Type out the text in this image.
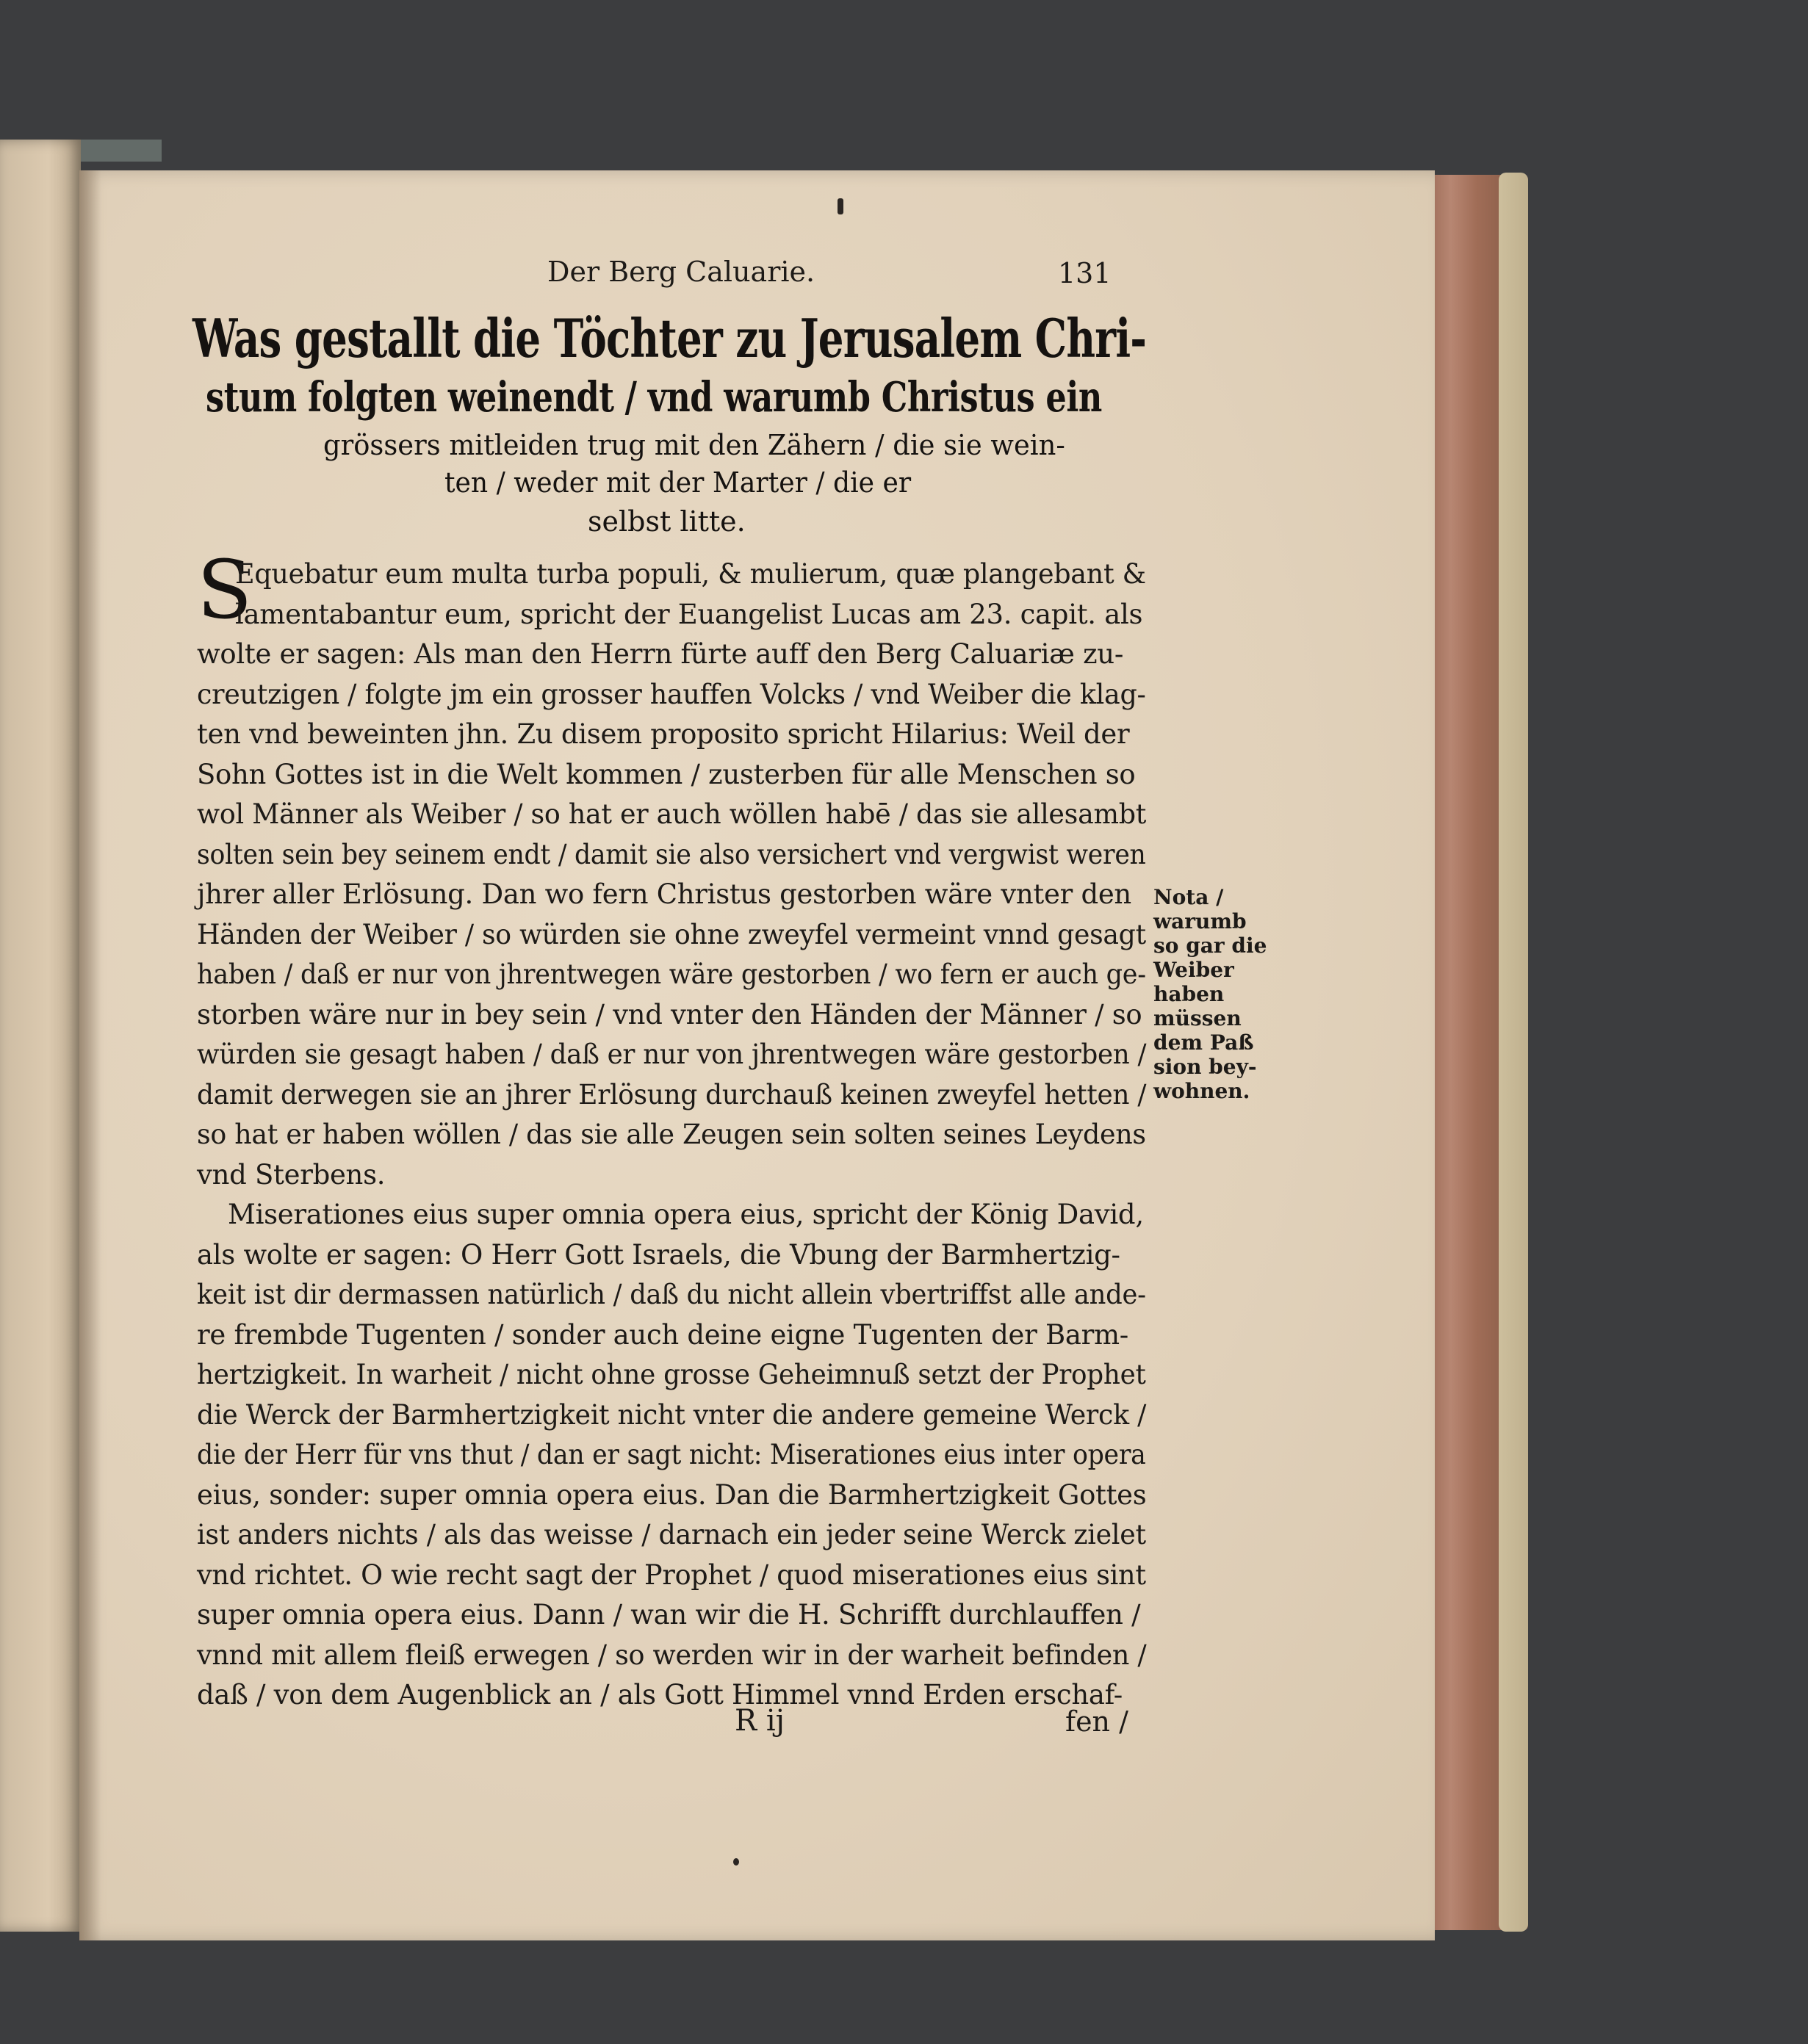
Der Berg Caluarie.	131
Was gestallt die Töchter zu Jerusalem Chri-
stum folgten weinendt / vnd warumb Christus ein
grössers mitleiden trug mit den Zähern / die sie wein-
ten / weder mit der Marter / die er
selbst litte.
S
Equebatur eum multa turba populi, & mulierum, quæ plangebant &
lamentabantur eum, spricht der Euangelist Lucas am 23. capit. als
wolte er sagen: Als man den Herrn fürte auff den Berg Caluariæ zu-
creutzigen / folgte jm ein grosser hauffen Volcks / vnd Weiber die klag-
ten vnd beweinten jhn. Zu disem proposito spricht Hilarius: Weil der
Sohn Gottes ist in die Welt kommen / zusterben für alle Menschen so
wol Männer als Weiber / so hat er auch wöllen habē / das sie allesambt
solten sein bey seinem endt / damit sie also versichert vnd vergwist weren
jhrer aller Erlösung. Dan wo fern Christus gestorben wäre vnter den
Händen der Weiber / so würden sie ohne zweyfel vermeint vnnd gesagt
haben / daß er nur von jhrentwegen wäre gestorben / wo fern er auch ge-
storben wäre nur in bey sein / vnd vnter den Händen der Männer / so
würden sie gesagt haben / daß er nur von jhrentwegen wäre gestorben /
damit derwegen sie an jhrer Erlösung durchauß keinen zweyfel hetten /
so hat er haben wöllen / das sie alle Zeugen sein solten seines Leydens
vnd Sterbens.
Miserationes eius super omnia opera eius, spricht der König David,
als wolte er sagen: O Herr Gott Israels, die Vbung der Barmhertzig-
keit ist dir dermassen natürlich / daß du nicht allein vbertriffst alle ande-
re frembde Tugenten / sonder auch deine eigne Tugenten der Barm-
hertzigkeit. In warheit / nicht ohne grosse Geheimnuß setzt der Prophet
die Werck der Barmhertzigkeit nicht vnter die andere gemeine Werck /
die der Herr für vns thut / dan er sagt nicht: Miserationes eius inter opera
eius, sonder: super omnia opera eius. Dan die Barmhertzigkeit Gottes
ist anders nichts / als das weisse / darnach ein jeder seine Werck zielet
vnd richtet. O wie recht sagt der Prophet / quod miserationes eius sint
super omnia opera eius. Dann / wan wir die H. Schrifft durchlauffen /
vnnd mit allem fleiß erwegen / so werden wir in der warheit befinden /
daß / von dem Augenblick an / als Gott Himmel vnnd Erden erschaf-
Nota /
warumb
so gar die
Weiber
haben
müssen
dem Paß
sion bey-
wohnen.
R ij	fen /
